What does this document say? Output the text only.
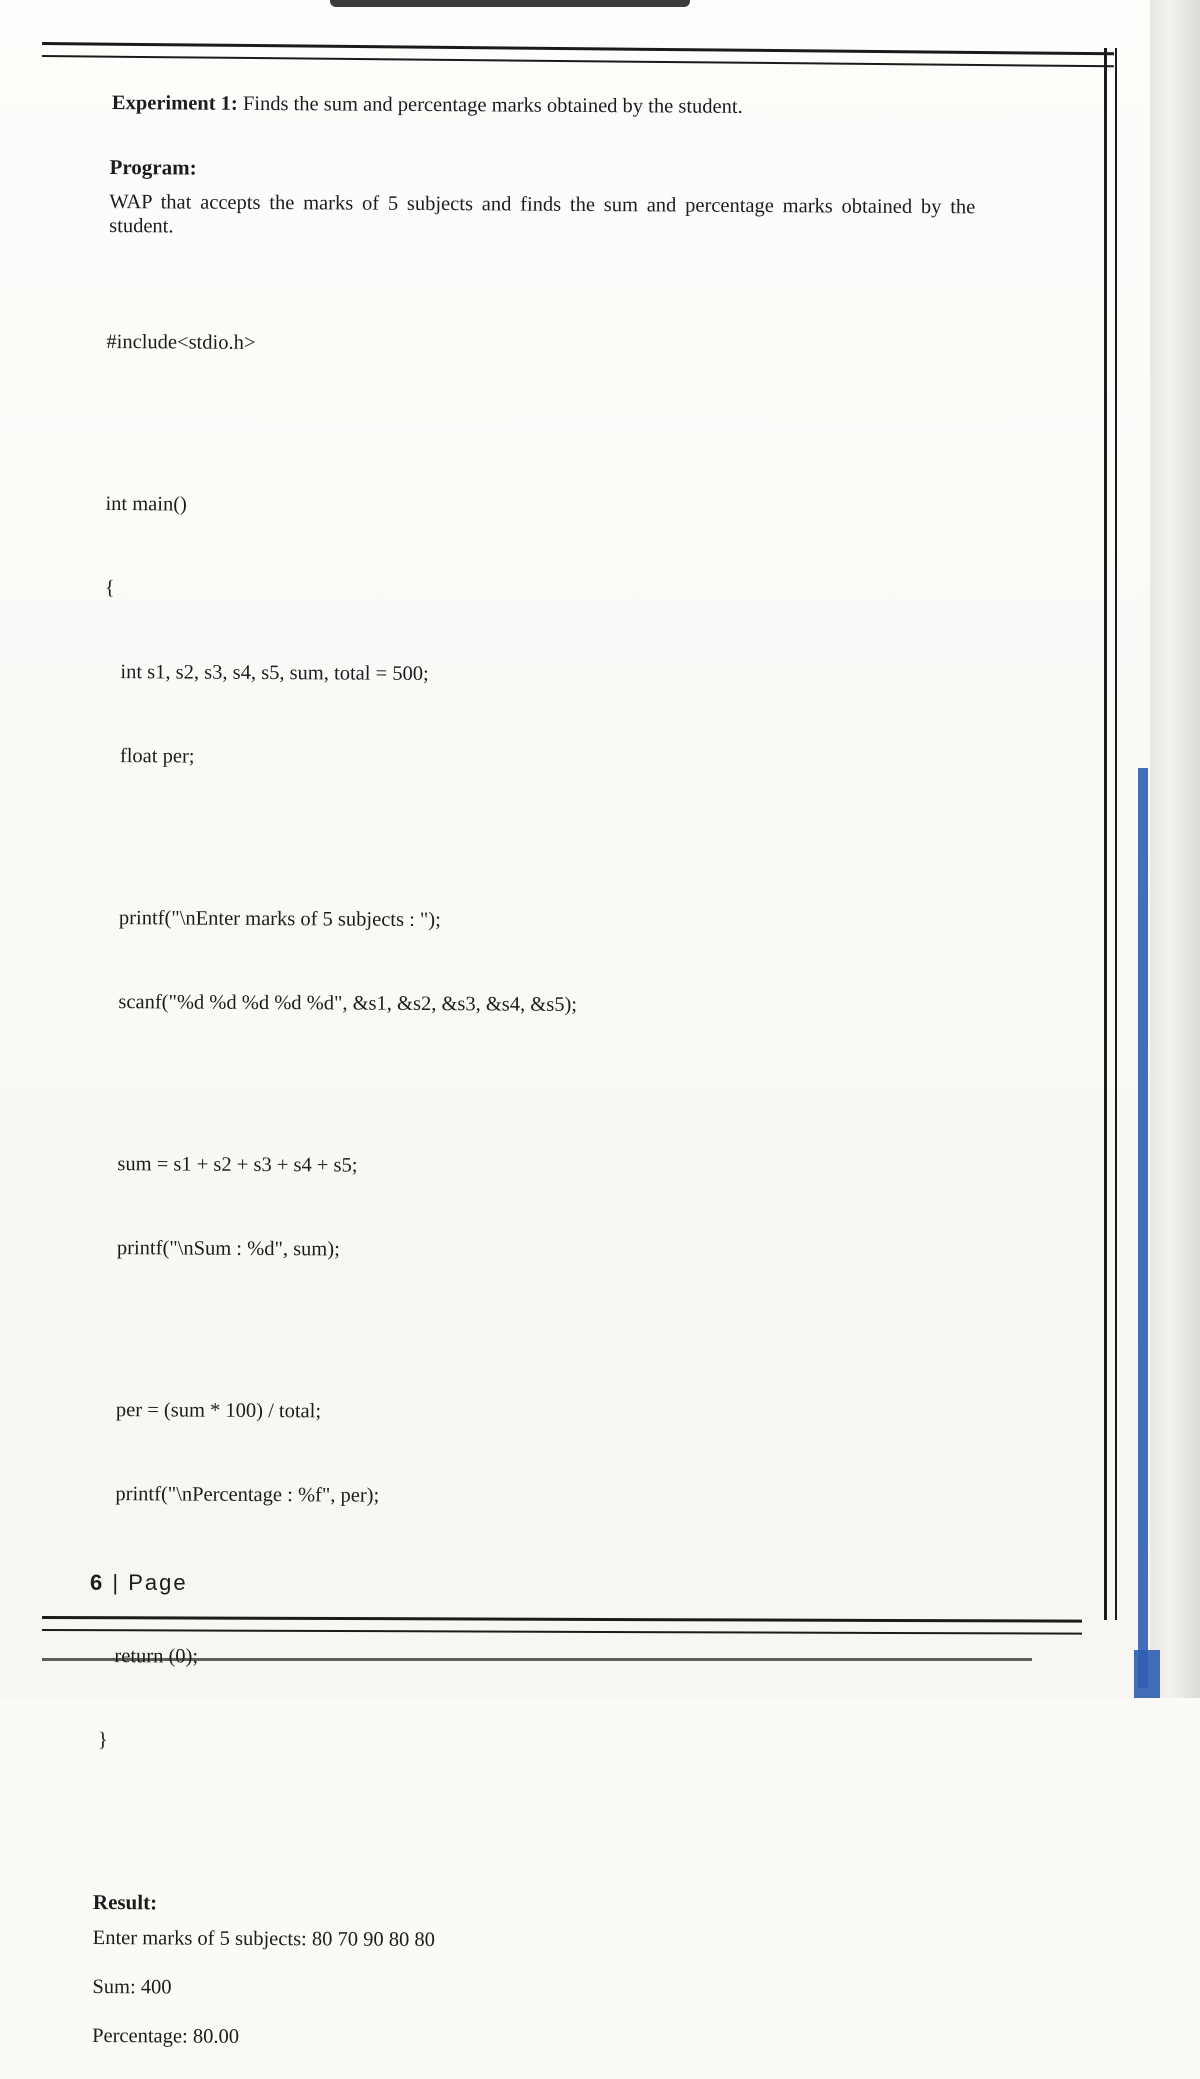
Experiment 1: Finds the sum and percentage marks obtained by the student.

Program:

WAP that accepts the marks of 5 subjects and finds the sum and percentage marks obtained by the student.

#include<stdio.h>

int main()

{

int s1, s2, s3, s4, s5, sum, total = 500;

float per;

printf("\nEnter marks of 5 subjects : ");

scanf("%d %d %d %d %d", &s1, &s2, &s3, &s4, &s5);

sum = s1 + s2 + s3 + s4 + s5;

printf("\nSum : %d", sum);

per = (sum * 100) / total;

printf("\nPercentage : %f", per);

return (0);

}

Result:

Enter marks of 5 subjects: 80 70 90 80 80

Sum: 400

Percentage: 80.00

6 | Page
